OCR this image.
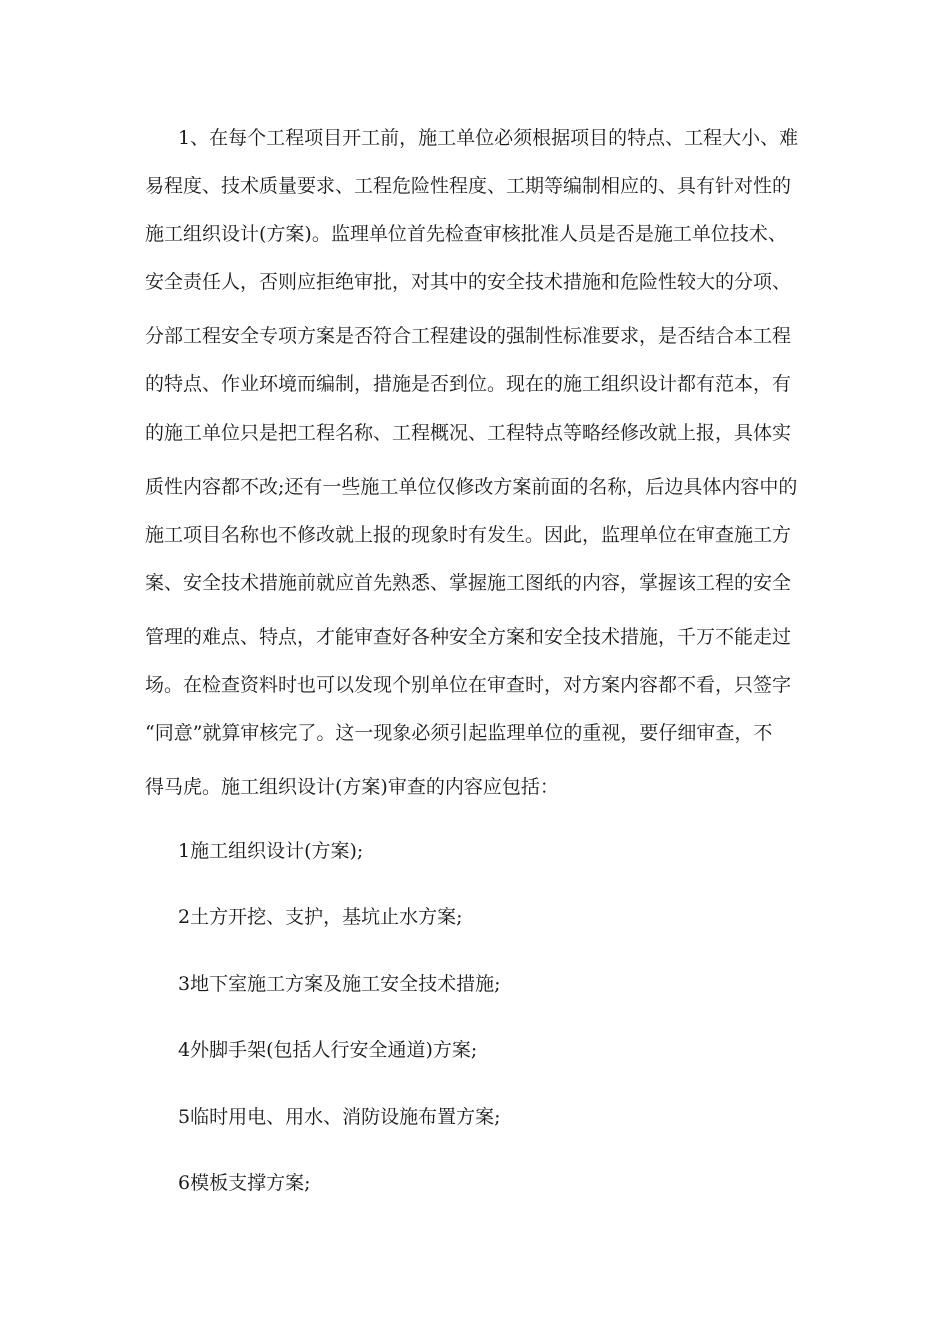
1、在每个工程项目开工前，施工单位必须根据项目的特点、工程大小、难
易程度、技术质量要求、工程危险性程度、工期等编制相应的、具有针对性的
施工组织设计(方案)。监理单位首先检查审核批准人员是否是施工单位技术、
安全责任人，否则应拒绝审批，对其中的安全技术措施和危险性较大的分项、
分部工程安全专项方案是否符合工程建设的强制性标准要求，是否结合本工程
的特点、作业环境而编制，措施是否到位。现在的施工组织设计都有范本，有
的施工单位只是把工程名称、工程概况、工程特点等略经修改就上报，具体实
质性内容都不改;还有一些施工单位仅修改方案前面的名称，后边具体内容中的
施工项目名称也不修改就上报的现象时有发生。因此，监理单位在审查施工方
案、安全技术措施前就应首先熟悉、掌握施工图纸的内容，掌握该工程的安全
管理的难点、特点，才能审查好各种安全方案和安全技术措施，千万不能走过
场。在检查资料时也可以发现个别单位在审查时，对方案内容都不看，只签字
“同意”就算审核完了。这一现象必须引起监理单位的重视，要仔细审查，不
得马虎。施工组织设计(方案)审查的内容应包括：
1施工组织设计(方案);
2土方开挖、支护，基坑止水方案;
3地下室施工方案及施工安全技术措施;
4外脚手架(包括人行安全通道)方案;
5临时用电、用水、消防设施布置方案;
6模板支撑方案;
